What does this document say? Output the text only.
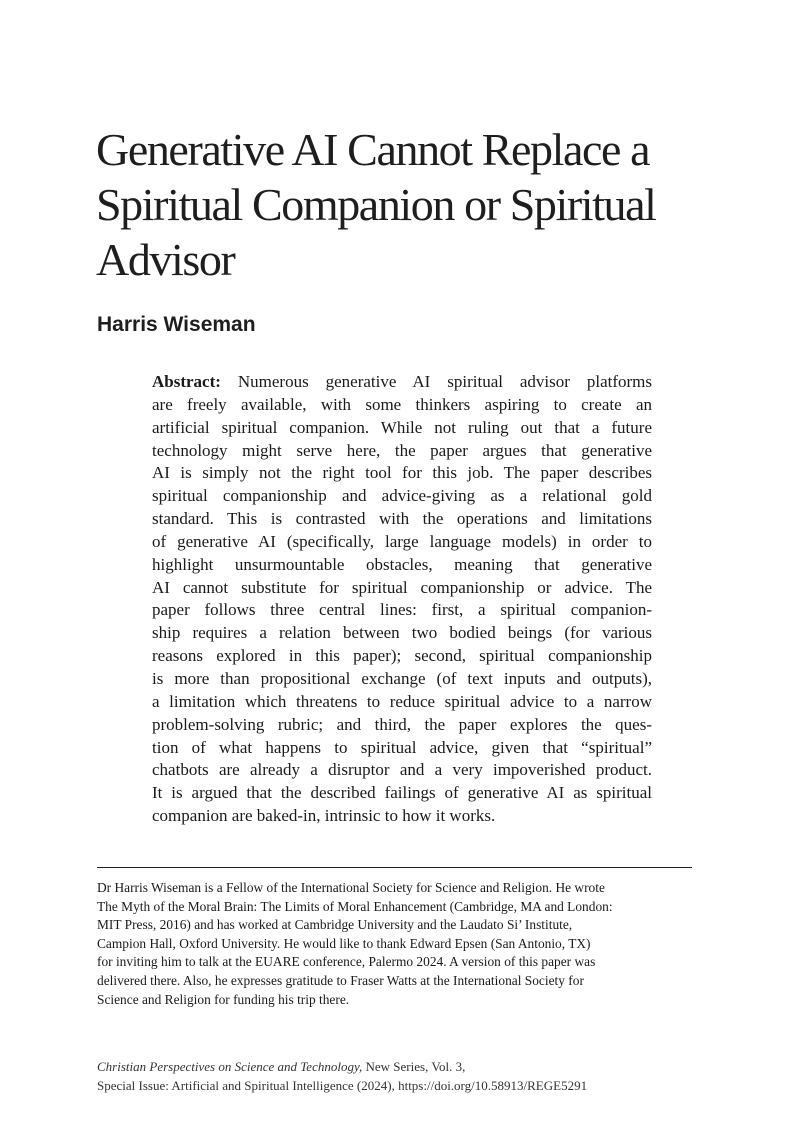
Generative AI Cannot Replace a
Spiritual Companion or Spiritual
Advisor

Harris Wiseman

Abstract: Numerous generative AI spiritual advisor platforms
are freely available, with some thinkers aspiring to create an
artificial spiritual companion. While not ruling out that a future
technology might serve here, the paper argues that generative
AI is simply not the right tool for this job. The paper describes
spiritual companionship and advice-giving as a relational gold
standard. This is contrasted with the operations and limitations
of generative AI (specifically, large language models) in order to
highlight unsurmountable obstacles, meaning that generative
AI cannot substitute for spiritual companionship or advice. The
paper follows three central lines: first, a spiritual companion-
ship requires a relation between two bodied beings (for various
reasons explored in this paper); second, spiritual companionship
is more than propositional exchange (of text inputs and outputs),
a limitation which threatens to reduce spiritual advice to a narrow
problem-solving rubric; and third, the paper explores the ques-
tion of what happens to spiritual advice, given that “spiritual”
chatbots are already a disruptor and a very impoverished product.
It is argued that the described failings of generative AI as spiritual
companion are baked-in, intrinsic to how it works.
Dr Harris Wiseman is a Fellow of the International Society for Science and Religion. He wrote
The Myth of the Moral Brain: The Limits of Moral Enhancement (Cambridge, MA and London:
MIT Press, 2016) and has worked at Cambridge University and the Laudato Si’ Institute,
Campion Hall, Oxford University. He would like to thank Edward Epsen (San Antonio, TX)
for inviting him to talk at the EUARE conference, Palermo 2024. A version of this paper was
delivered there. Also, he expresses gratitude to Fraser Watts at the International Society for
Science and Religion for funding his trip there.
Christian Perspectives on Science and Technology, New Series, Vol. 3,
Special Issue: Artificial and Spiritual Intelligence (2024), https://doi.org/10.58913/REGE5291
